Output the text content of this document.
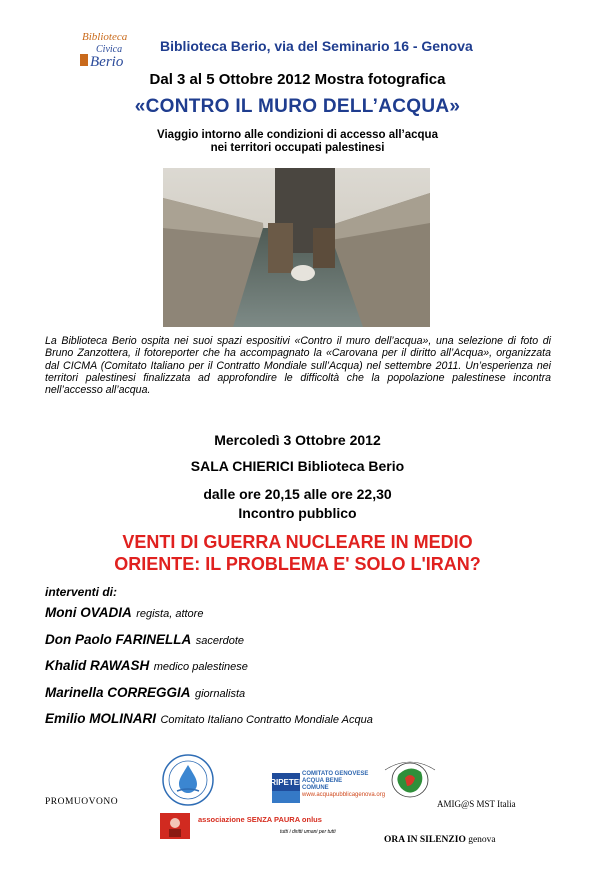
Biblioteca
Civica
Berio
Biblioteca Berio, via del Seminario 16 - Genova
Dal 3 al 5 Ottobre 2012 Mostra fotografica
«CONTRO IL MURO DELL’ACQUA»
Viaggio intorno alle condizioni di accesso all’acqua
nei territori occupati palestinesi
La Biblioteca Berio ospita nei suoi spazi espositivi «Contro il muro dell’acqua», una selezione di foto di Bruno Zanzottera, il fotoreporter che ha accompagnato la «Carovana per il diritto all’Acqua», organizzata dal CICMA (Comitato Italiano per il Contratto Mondiale sull’Acqua) nel settembre 2011. Un’esperienza nei territori palestinesi finalizzata ad approfondire le difficoltà che la popolazione palestinese incontra nell’accesso all’acqua.
Mercoledì 3 Ottobre 2012
SALA CHIERICI Biblioteca Berio
dalle ore 20,15 alle ore 22,30
Incontro pubblico
VENTI DI GUERRA NUCLEARE IN MEDIO
ORIENTE: IL PROBLEMA E' SOLO L'IRAN?
interventi di:
Moni OVADIA regista, attore
Don Paolo FARINELLA sacerdote
Khalid RAWASH medico palestinese
Marinella CORREGGIA giornalista
Emilio MOLINARI Comitato Italiano Contratto Mondiale Acqua
PROMUOVONO
MI RIPETERAI
COMITATO GENOVESE
ACQUA BENE
COMUNE
www.acquapubblicagenova.org
AMIG@S MST Italia
associazione SENZA PAURA onlus
tutti i diritti umani per tutti
ORA IN SILENZIO genova
